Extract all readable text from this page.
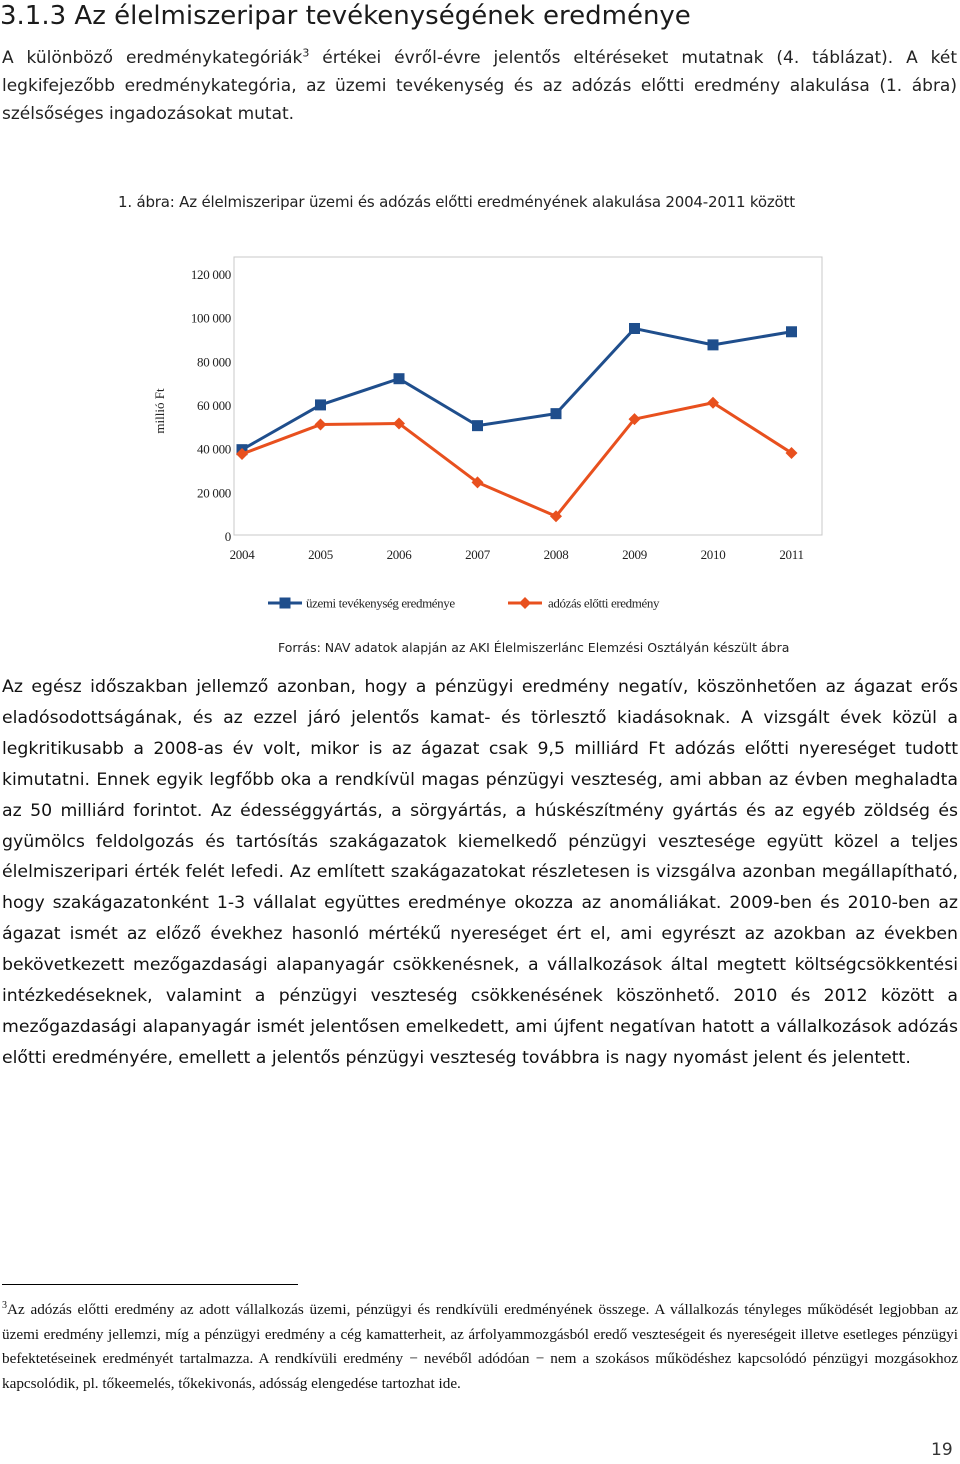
3.1.3 Az élelmiszeripar tevékenységének eredménye

A különböző eredménykategóriák$^3$ értékei évről-évre jelentős eltéréseket mutatnak (4. táblázat). A két legkifejezőbb eredménykategória, az üzemi tevékenység és az adózás előtti eredmény alakulása (1. ábra) szélsőséges ingadozásokat mutat.

1. ábra: Az élelmiszeripar üzemi és adózás előtti eredményének alakulása 2004-2011 között

0
20 000
40 000
60 000
80 000
100 000
120 000
2004	2005	2006	2007	2008	2009	2010	2011
millió Ft
üzemi tevékenység eredménye	adózás előtti eredmény

Forrás: NAV adatok alapján az AKI Élelmiszerlánc Elemzési Osztályán készült ábra

Az egész időszakban jellemző azonban, hogy a pénzügyi eredmény negatív, köszönhetően az ágazat erős eladósodottságának, és az ezzel járó jelentős kamat- és törlesztő kiadásoknak. A vizsgált évek közül a legkritikusabb a 2008-as év volt, mikor is az ágazat csak 9,5 milliárd Ft adózás előtti nyereséget tudott kimutatni. Ennek egyik legfőbb oka a rendkívül magas pénzügyi veszteség, ami abban az évben meghaladta az 50 milliárd forintot. Az édességgyártás, a sörgyártás, a húskészítmény gyártás és az egyéb zöldség és gyümölcs feldolgozás és tartósítás szakágazatok kiemelkedő pénzügyi vesztesége együtt közel a teljes élelmiszeripari érték felét lefedi. Az említett szakágazatokat részletesen is vizsgálva azonban megállapítható, hogy szakágazatonként 1-3 vállalat együttes eredménye okozza az anomáliákat. 2009-ben és 2010-ben az ágazat ismét az előző évekhez hasonló mértékű nyereséget ért el, ami egyrészt az azokban az években bekövetkezett mezőgazdasági alapanyagár csökkenésnek, a vállalkozások által megtett költségcsökkentési intézkedéseknek, valamint a pénzügyi veszteség csökkenésének köszönhető. 2010 és 2012 között a mezőgazdasági alapanyagár ismét jelentősen emelkedett, ami újfent negatívan hatott a vállalkozások adózás előtti eredményére, emellett a jelentős pénzügyi veszteség továbbra is nagy nyomást jelent és jelentett.

$^3$Az adózás előtti eredmény az adott vállalkozás üzemi, pénzügyi és rendkívüli eredményének összege. A vállalkozás tényleges működését legjobban az üzemi eredmény jellemzi, míg a pénzügyi eredmény a cég kamatterheit, az árfolyammozgásból eredő veszteségeit és nyereségeit illetve esetleges pénzügyi befektetéseinek eredményét tartalmazza. A rendkívüli eredmény − nevéből adódóan − nem a szokásos működéshez kapcsolódó pénzügyi mozgásokhoz kapcsolódik, pl. tőkeemelés, tőkekivonás, adósság elengedése tartozhat ide.

19
